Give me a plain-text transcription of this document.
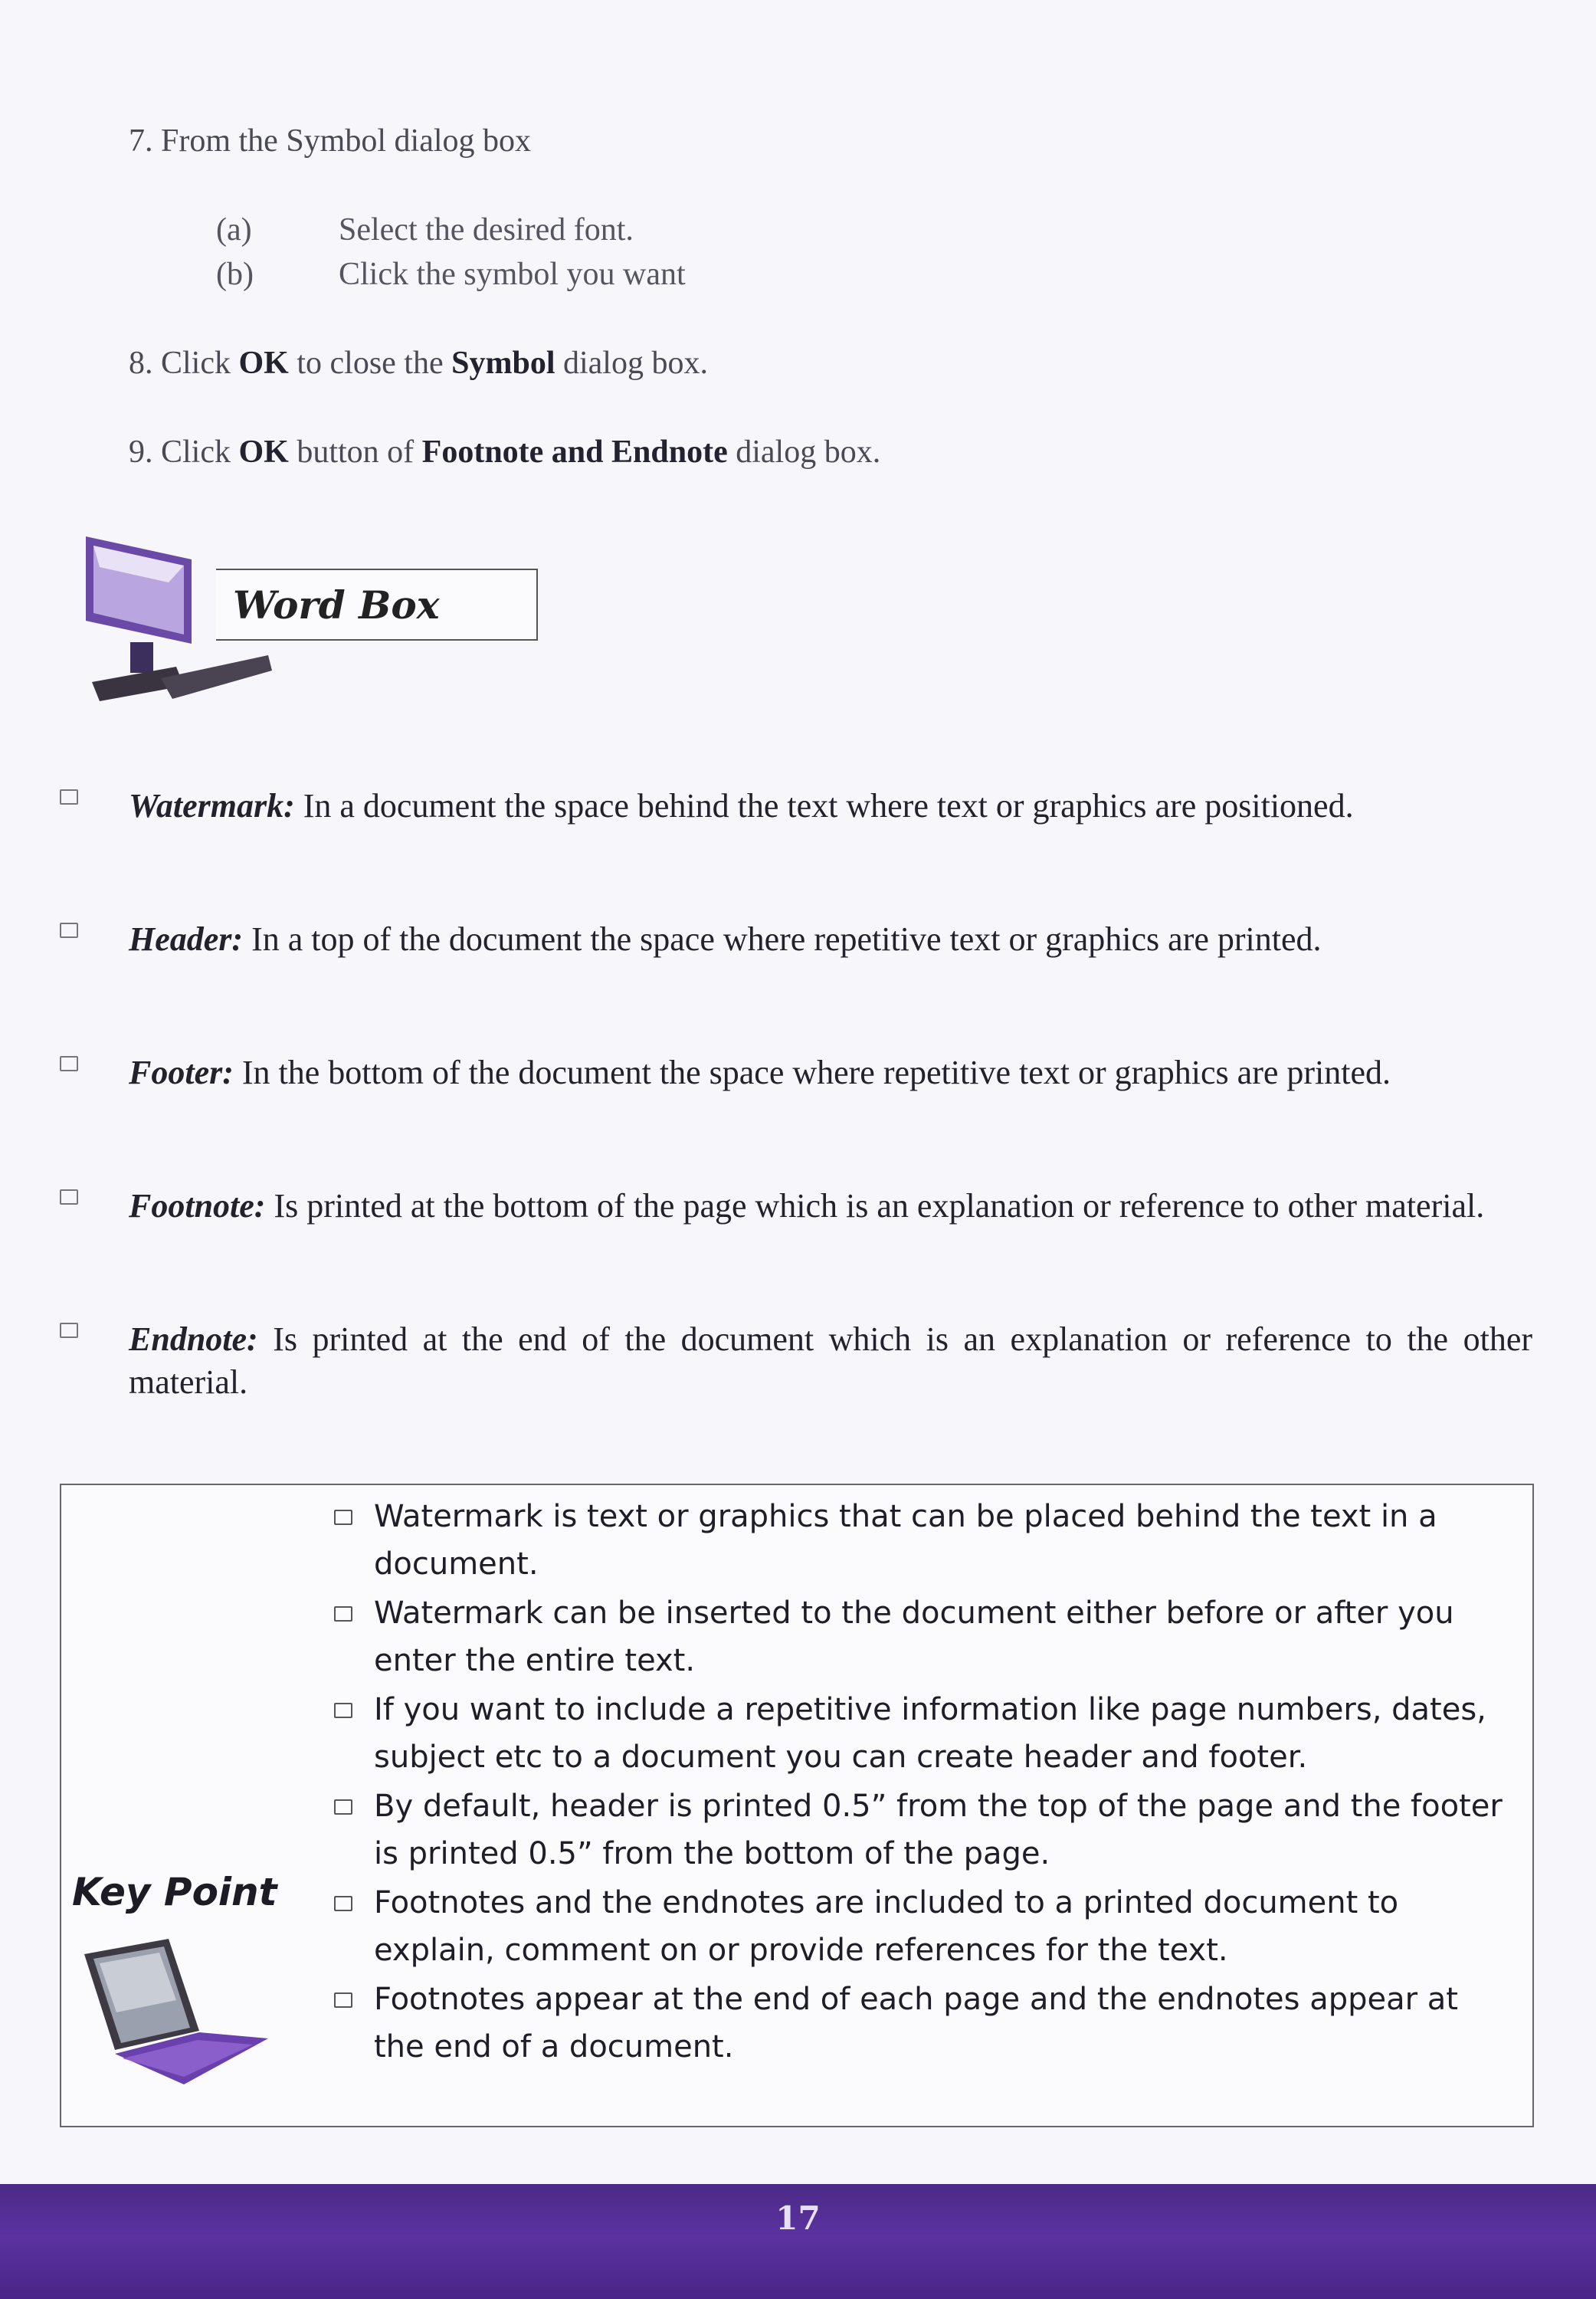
7. From the Symbol dialog box
(a)	Select the desired font.
(b)	Click the symbol you want
8. Click OK to close the Symbol dialog box.
9. Click OK button of Footnote and Endnote dialog box.
Word Box
Watermark: In a document the space behind the text where text or graphics are positioned.
Header: In a top of the document the space where repetitive text or graphics are printed.
Footer: In the bottom of the document the space where repetitive text or graphics are printed.
Footnote: Is printed at the bottom of the page which is an explanation or reference to other material.
Endnote: Is printed at the end of the document which is an explanation or reference to the other material.
Watermark is text or graphics that can be placed behind the text in a document.
Watermark can be inserted to the document either before or after you enter the entire text.
If you want to include a repetitive information like page numbers, dates, subject etc to a document you can create header and footer.
By default, header is printed 0.5” from the top of the page and the footer is printed 0.5” from the bottom of the page.
Footnotes and the endnotes are included to a printed document to explain, comment on or provide references for the text.
Footnotes appear at the end of each page and the endnotes appear at the end of a document.
Key Point
17
